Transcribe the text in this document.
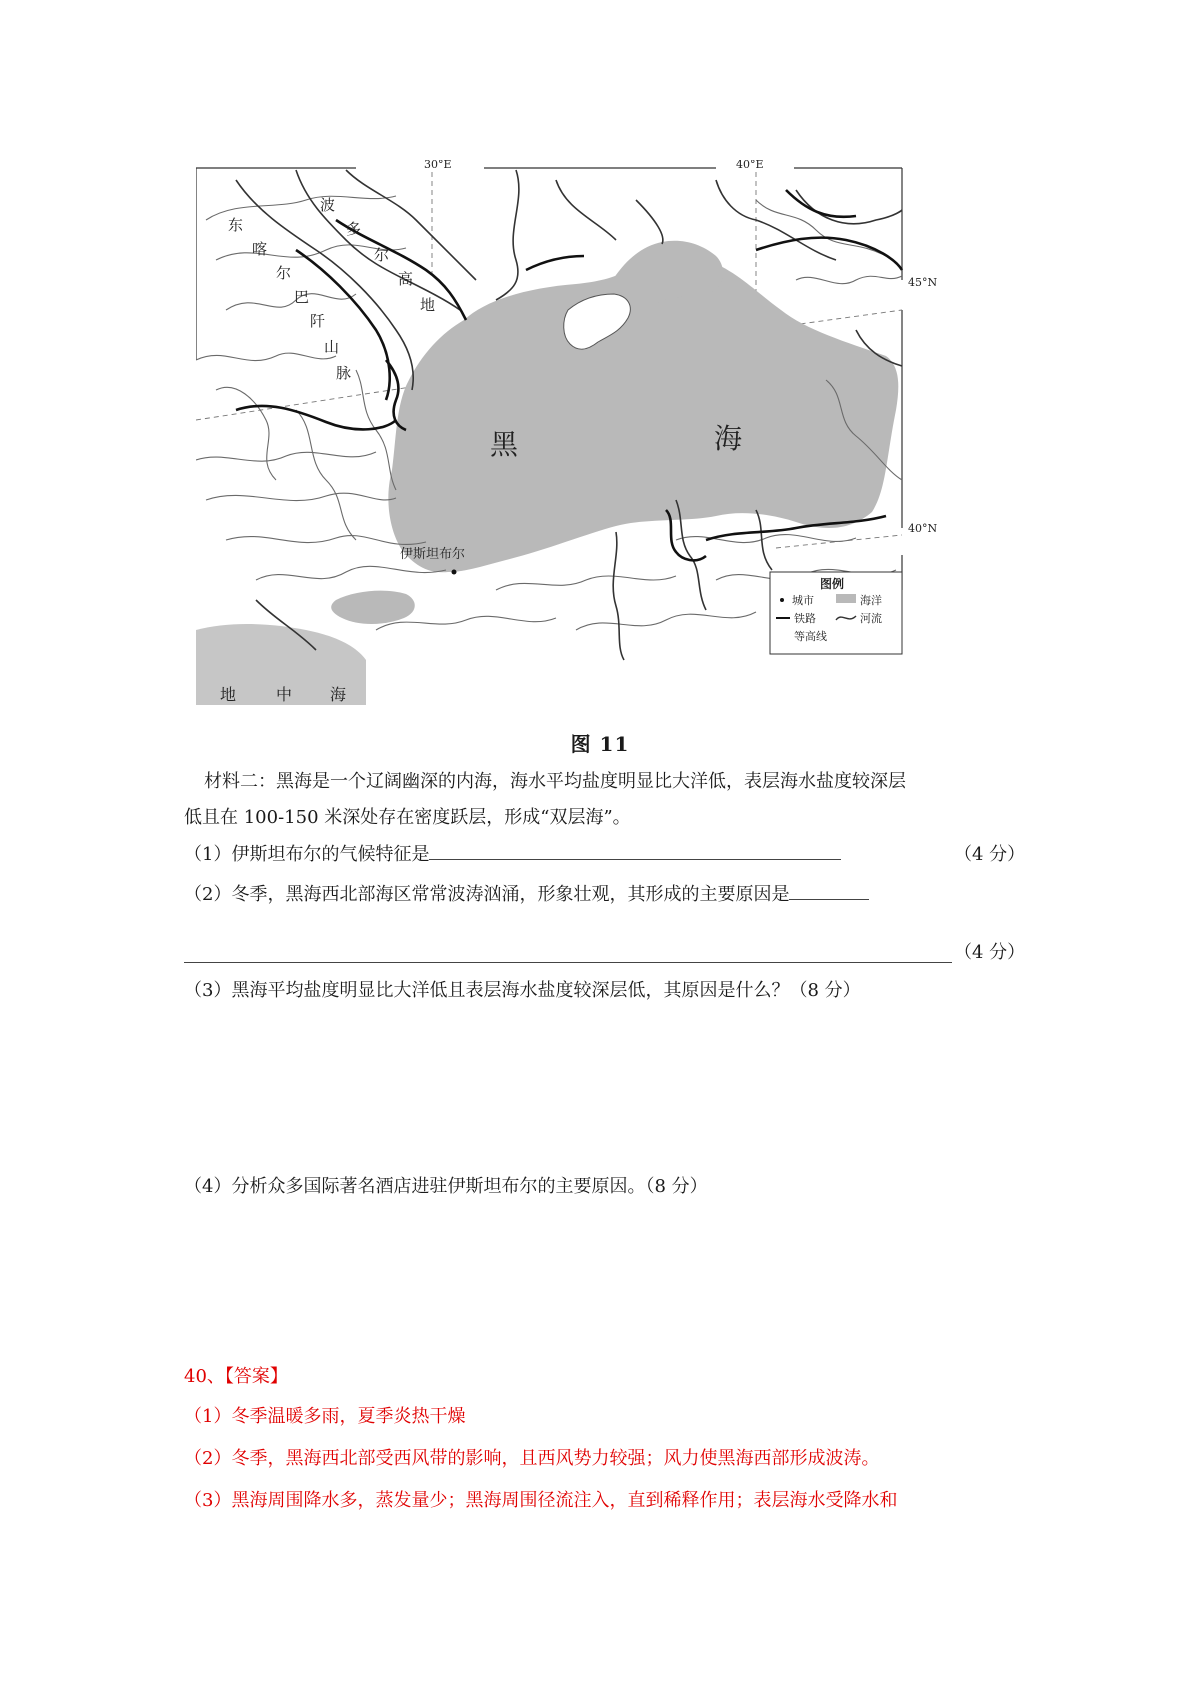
30°E	40°E
45°N
40°N
黑	海
东
喀
尔
巴
阡
山
脉
波
多
尔
高
地
伊斯坦布尔
地 中 海
图例
城市	海洋
铁路	河流
等高线
图 11
材料二：黑海是一个辽阔幽深的内海，海水平均盐度明显比大洋低，表层海水盐度较深层
低且在 100-150 米深处存在密度跃层，形成“双层海”。
（1）伊斯坦布尔的气候特征是	（4 分）
（2）冬季，黑海西北部海区常常波涛汹涌，形象壮观，其形成的主要原因是
（4 分）
（3）黑海平均盐度明显比大洋低且表层海水盐度较深层低，其原因是什么？（8 分）
（4）分析众多国际著名酒店进驻伊斯坦布尔的主要原因。（8 分）
40、【答案】
（1）冬季温暖多雨，夏季炎热干燥
（2）冬季，黑海西北部受西风带的影响，且西风势力较强；风力使黑海西部形成波涛。
（3）黑海周围降水多，蒸发量少；黑海周围径流注入，直到稀释作用；表层海水受降水和
